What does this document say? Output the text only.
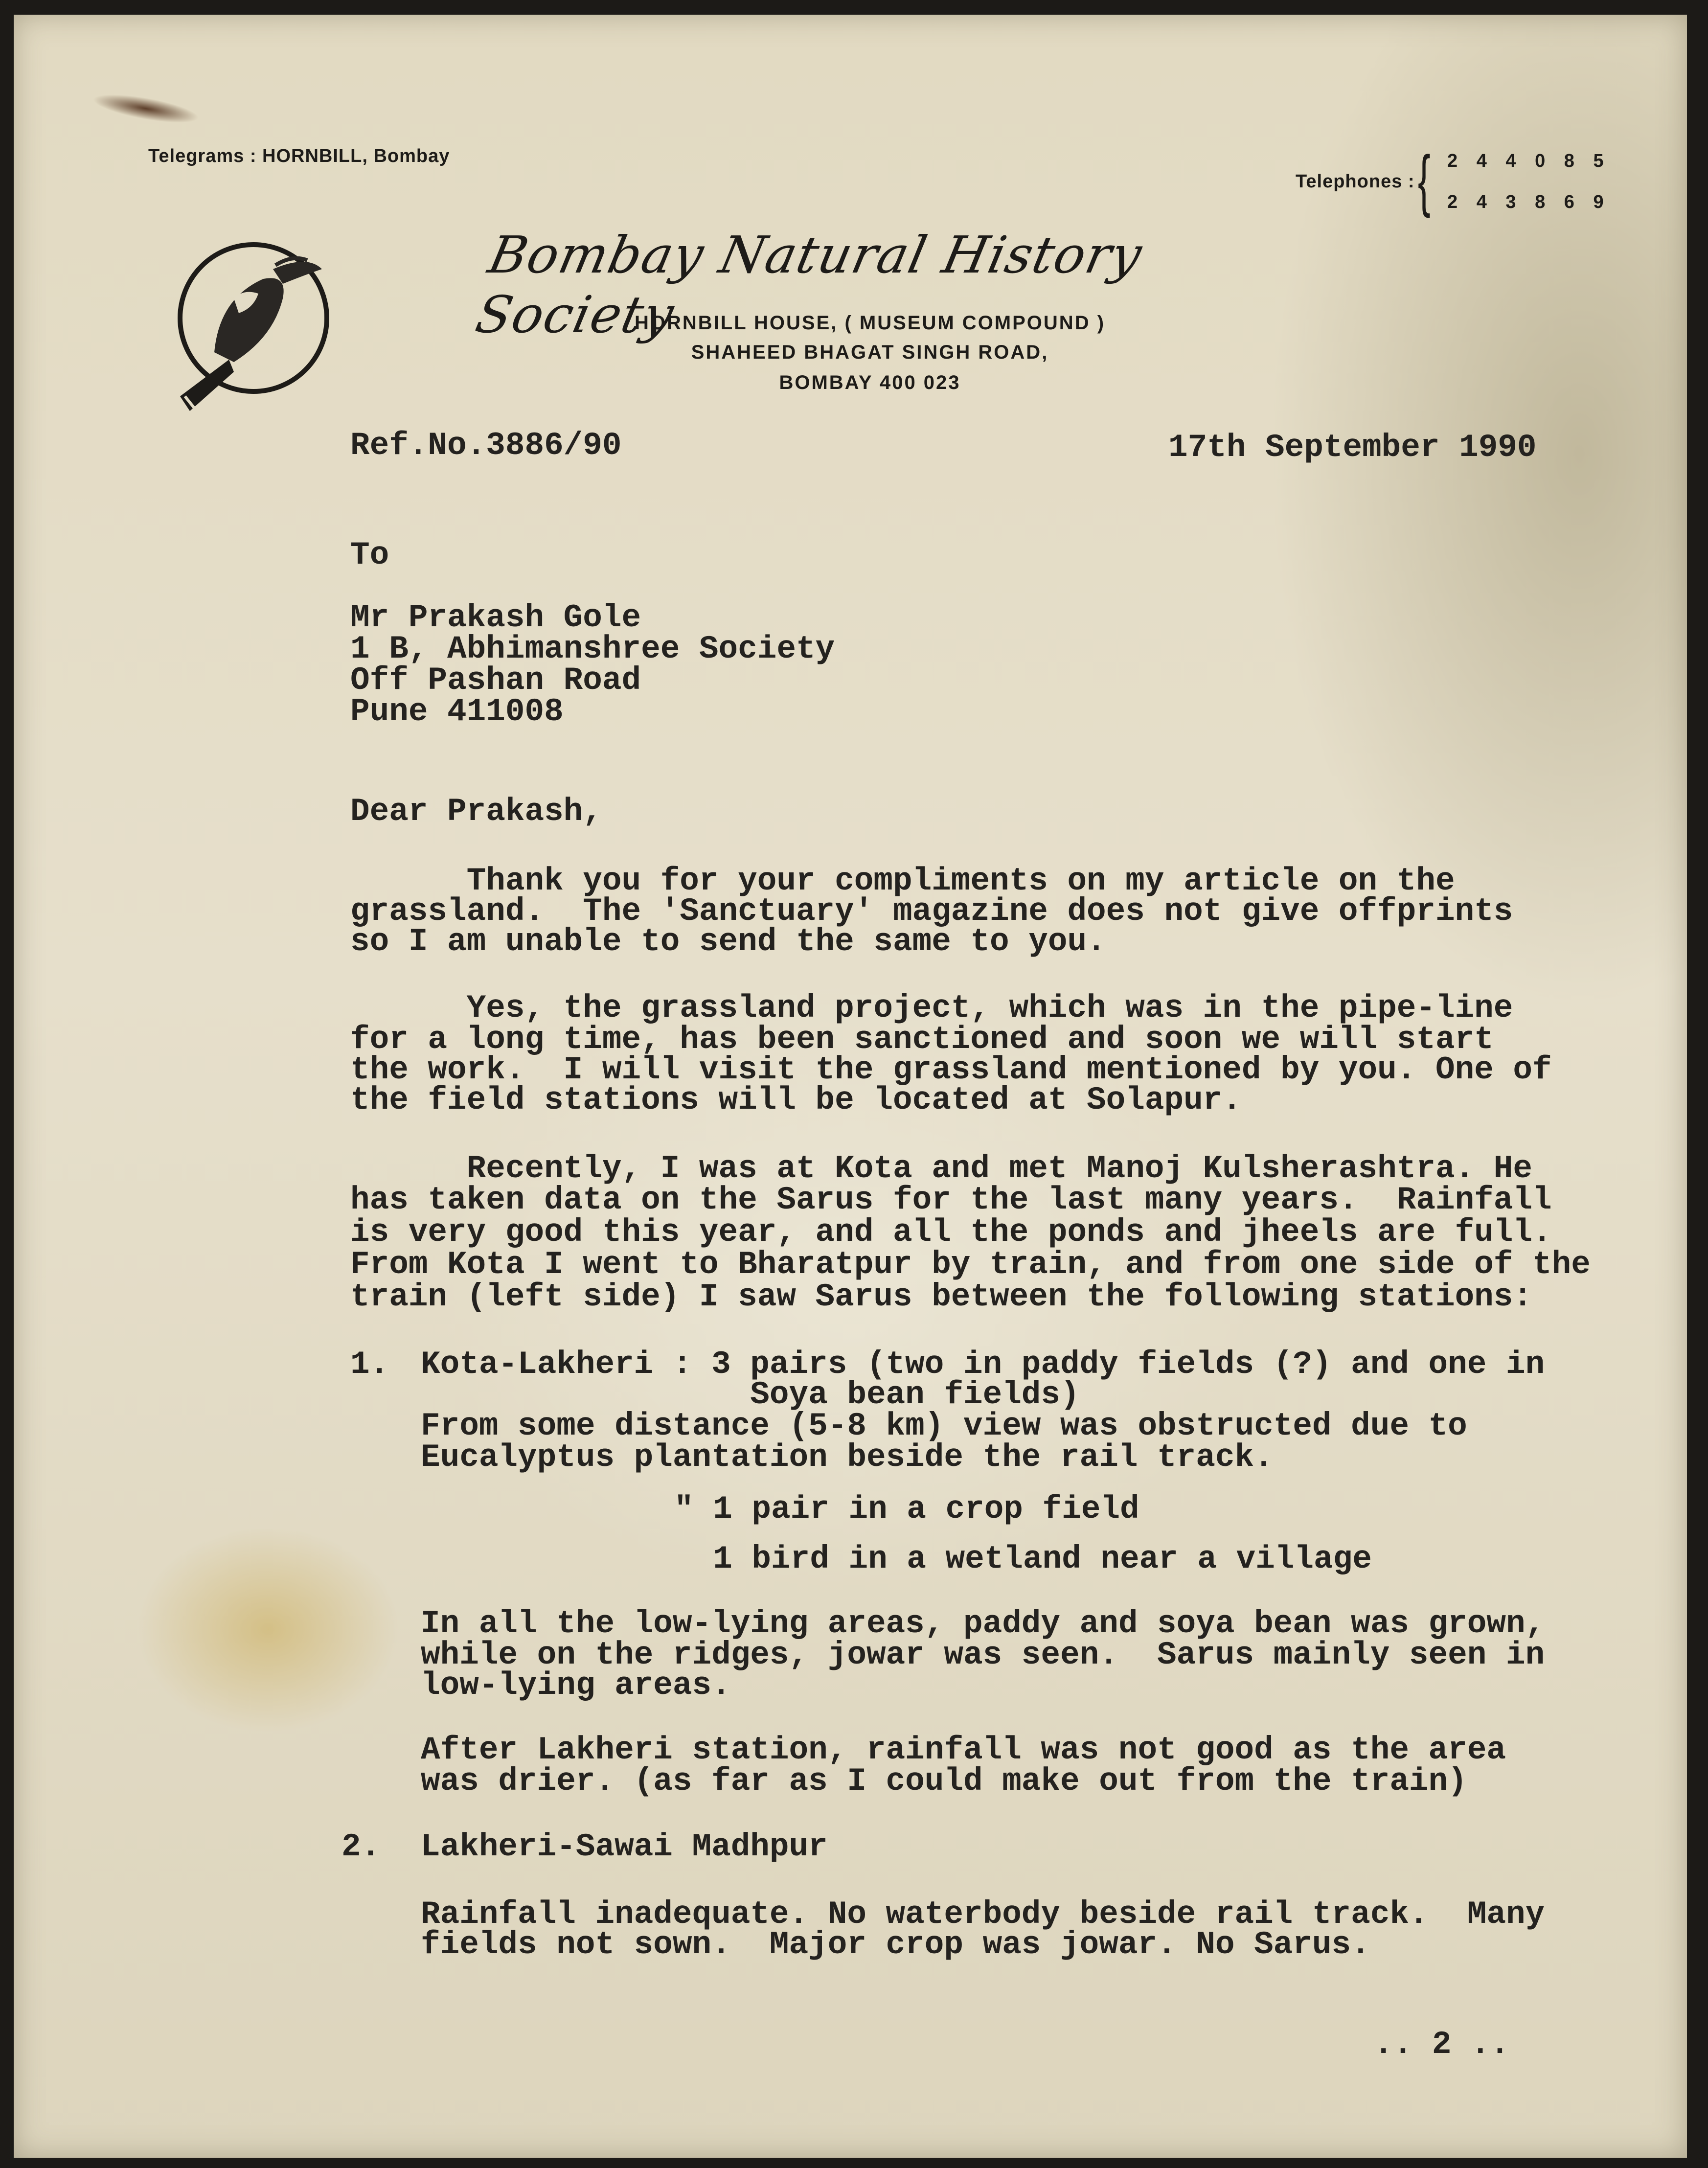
Telegrams : HORNBILL, Bombay
Telephones : { 2 4 4 0 8 5
2 4 3 8 6 9
Bombay Natural History Society
HORNBILL HOUSE, ( MUSEUM COMPOUND )
SHAHEED BHAGAT SINGH ROAD,
BOMBAY 400 023
Ref.No.3886/90	17th September 1990
To
Mr Prakash Gole
1 B, Abhimanshree Society
Off Pashan Road
Pune 411008
Dear Prakash,
Thank you for your compliments on my article on the
grassland.  The 'Sanctuary' magazine does not give offprints
so I am unable to send the same to you.
Yes, the grassland project, which was in the pipe-line
for a long time, has been sanctioned and soon we will start
the work.  I will visit the grassland mentioned by you. One of
the field stations will be located at Solapur.
Recently, I was at Kota and met Manoj Kulsherashtra. He
has taken data on the Sarus for the last many years.  Rainfall
is very good this year, and all the ponds and jheels are full.
From Kota I went to Bharatpur by train, and from one side of the
train (left side) I saw Sarus between the following stations:
1. Kota-Lakheri : 3 pairs (two in paddy fields (?) and one in
Soya bean fields)
From some distance (5-8 km) view was obstructed due to
Eucalyptus plantation beside the rail track.
" 1 pair in a crop field
1 bird in a wetland near a village
In all the low-lying areas, paddy and soya bean was grown,
while on the ridges, jowar was seen.  Sarus mainly seen in
low-lying areas.
After Lakheri station, rainfall was not good as the area
was drier. (as far as I could make out from the train)
2. Lakheri-Sawai Madhpur
Rainfall inadequate. No waterbody beside rail track.  Many
fields not sown.  Major crop was jowar. No Sarus.
.. 2 ..
